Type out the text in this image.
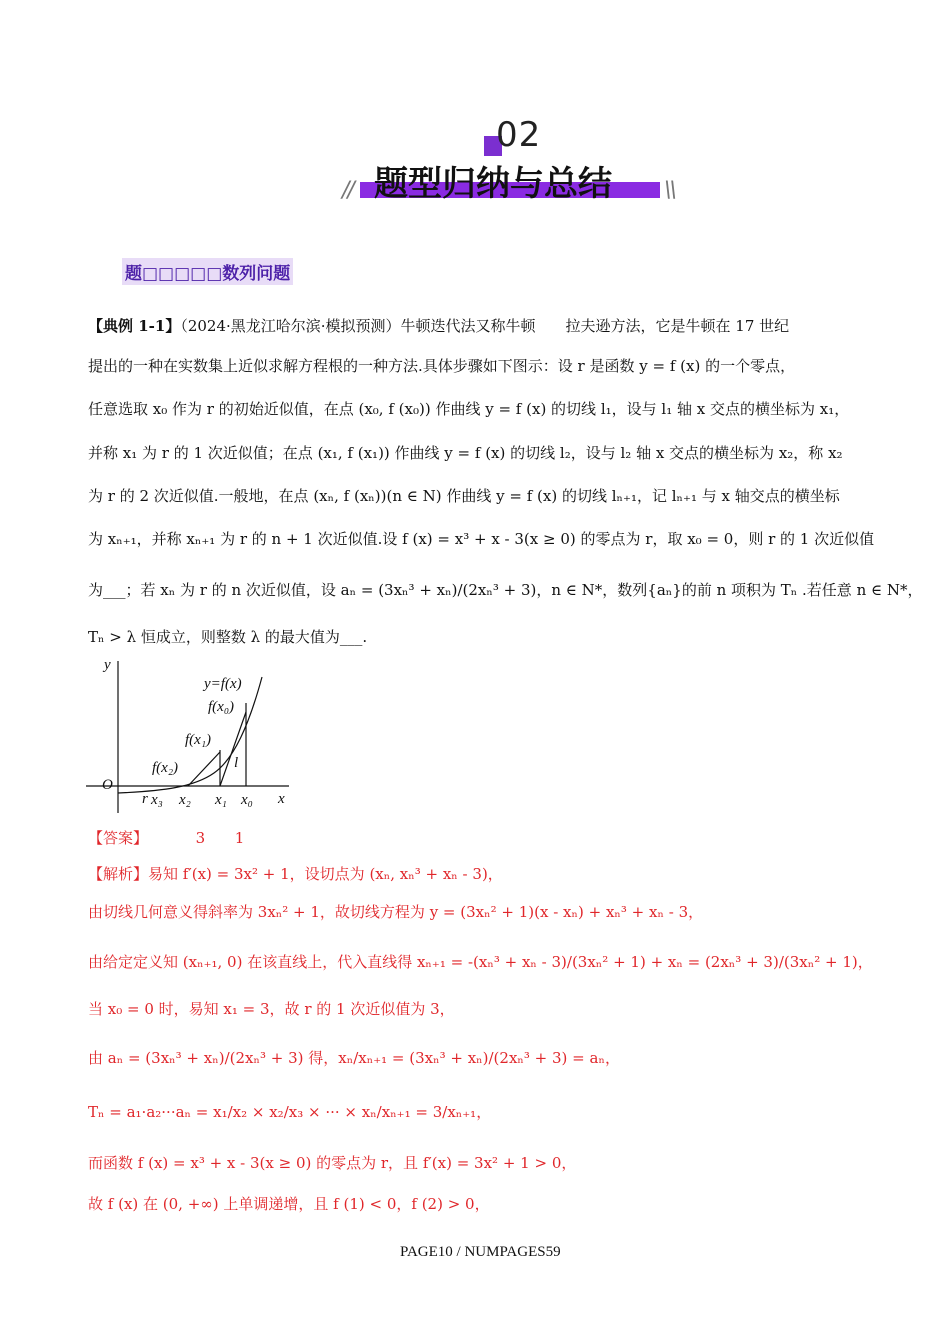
02
题型归纳与总结
//	\\
题□□□□□数列问题
【典例 1-1】（2024·黑龙江哈尔滨·模拟预测）牛顿迭代法又称牛顿　　拉夫逊方法，它是牛顿在 17 世纪
提出的一种在实数集上近似求解方程根的一种方法.具体步骤如下图示：设 r 是函数 y = f (x) 的一个零点，
任意选取 x₀ 作为 r 的初始近似值，在点 (x₀, f (x₀)) 作曲线 y = f (x) 的切线 l₁，设与 l₁ 轴 x 交点的横坐标为 x₁，
并称 x₁ 为 r 的 1 次近似值；在点 (x₁, f (x₁)) 作曲线 y = f (x) 的切线 l₂，设与 l₂ 轴 x 交点的横坐标为 x₂，称 x₂
为 r 的 2 次近似值.一般地，在点 (xₙ, f (xₙ))(n ∈ N) 作曲线 y = f (x) 的切线 lₙ₊₁，记 lₙ₊₁ 与 x 轴交点的横坐标
为 xₙ₊₁，并称 xₙ₊₁ 为 r 的 n + 1 次近似值.设 f (x) = x³ + x - 3(x ≥ 0) 的零点为 r，取 x₀ = 0，则 r 的 1 次近似值
为___；若 xₙ 为 r 的 n 次近似值，设 aₙ = (3xₙ³ + xₙ)/(2xₙ³ + 3)，n ∈ N*，数列{aₙ}的前 n 项积为 Tₙ .若任意 n ∈ N*，
Tₙ > λ 恒成立，则整数 λ 的最大值为___.
y
y=f(x)
f(x₀)
f(x₁)
l
f(x₂)
O
r x₃ x₂ x₁ x₀ x
【答案】	3 1
【解析】易知 f′(x) = 3x² + 1，设切点为 (xₙ, xₙ³ + xₙ - 3)，
由切线几何意义得斜率为 3xₙ² + 1，故切线方程为 y = (3xₙ² + 1)(x - xₙ) + xₙ³ + xₙ - 3，
由给定定义知 (xₙ₊₁, 0) 在该直线上，代入直线得 xₙ₊₁ = -(xₙ³ + xₙ - 3)/(3xₙ² + 1) + xₙ = (2xₙ³ + 3)/(3xₙ² + 1)，
当 x₀ = 0 时，易知 x₁ = 3，故 r 的 1 次近似值为 3，
由 aₙ = (3xₙ³ + xₙ)/(2xₙ³ + 3) 得，xₙ/xₙ₊₁ = (3xₙ³ + xₙ)/(2xₙ³ + 3) = aₙ，
Tₙ = a₁·a₂···aₙ = x₁/x₂ × x₂/x₃ × ··· × xₙ/xₙ₊₁ = 3/xₙ₊₁，
而函数 f (x) = x³ + x - 3(x ≥ 0) 的零点为 r，且 f′(x) = 3x² + 1 > 0，
故 f (x) 在 (0, +∞) 上单调递增，且 f (1) < 0，f (2) > 0，
PAGE10 / NUMPAGES59
